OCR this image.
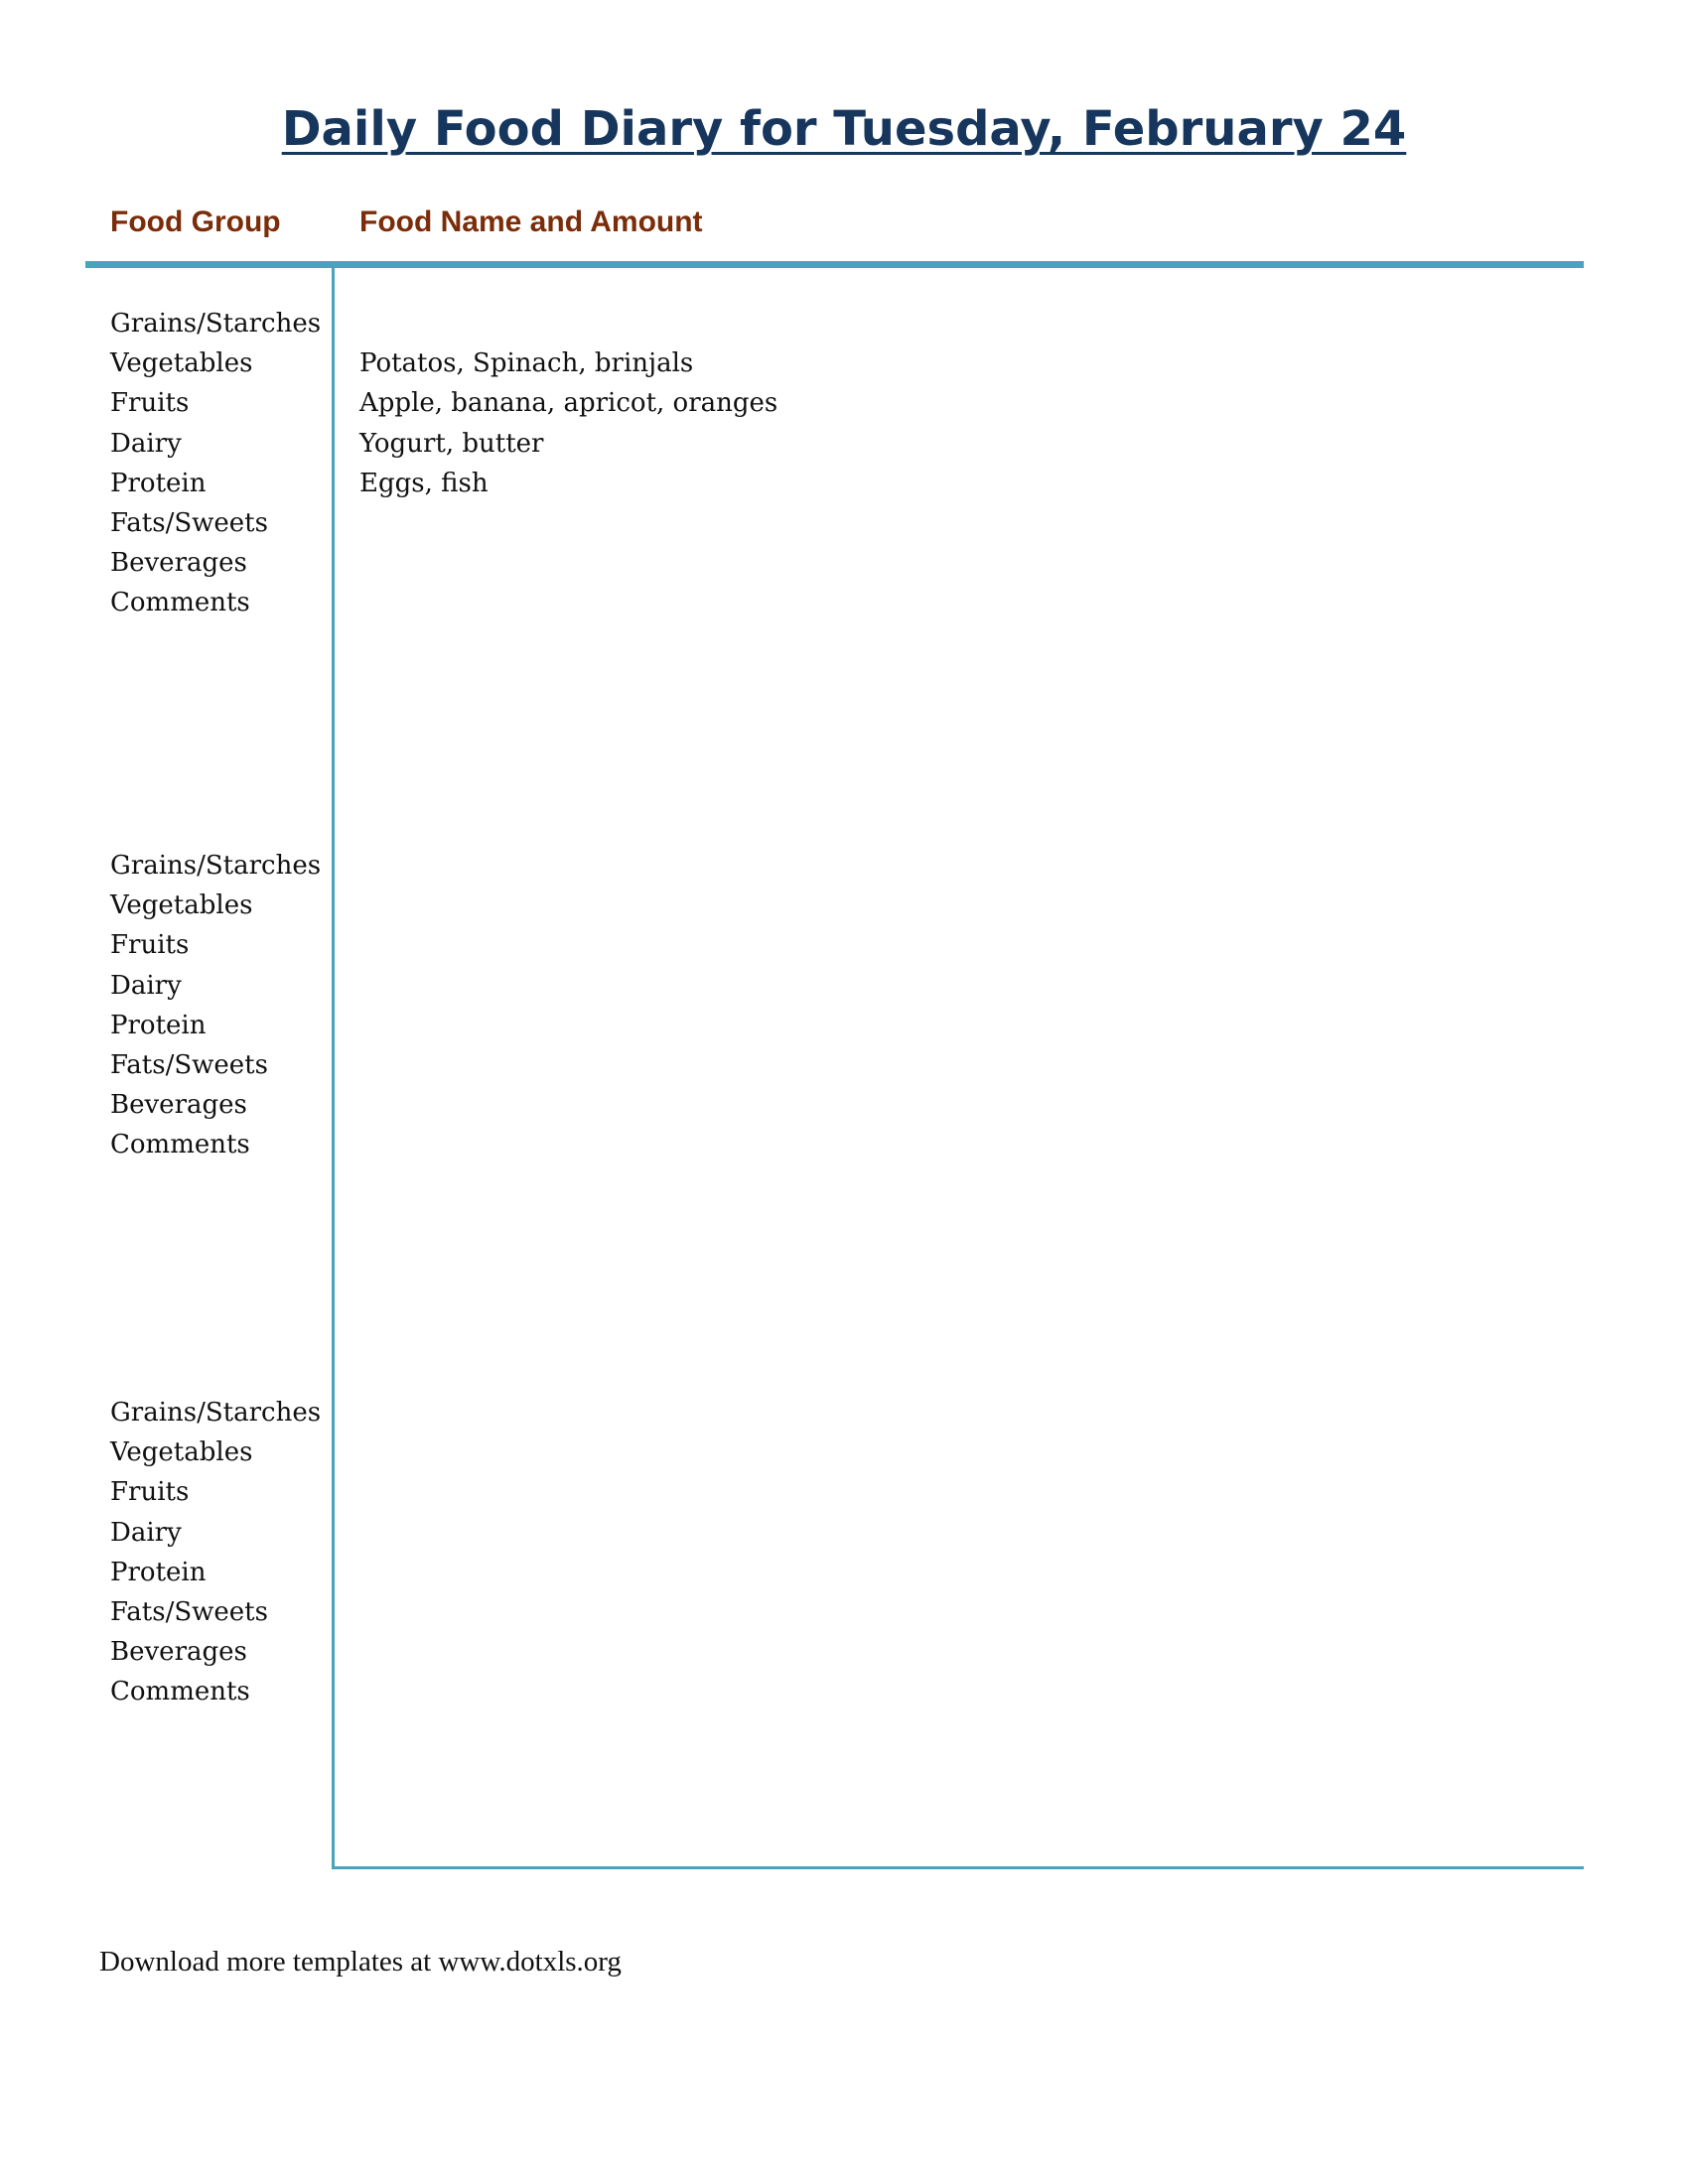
Daily Food Diary for Tuesday, February 24
Food Group	Food Name and Amount
Grains/Starches
Vegetables	Potatos, Spinach, brinjals
Fruits	Apple, banana, apricot, oranges
Dairy	Yogurt, butter
Protein	Eggs, fish
Fats/Sweets
Beverages
Comments
Grains/Starches
Vegetables
Fruits
Dairy
Protein
Fats/Sweets
Beverages
Comments
Grains/Starches
Vegetables
Fruits
Dairy
Protein
Fats/Sweets
Beverages
Comments
Download more templates at www.dotxls.org
